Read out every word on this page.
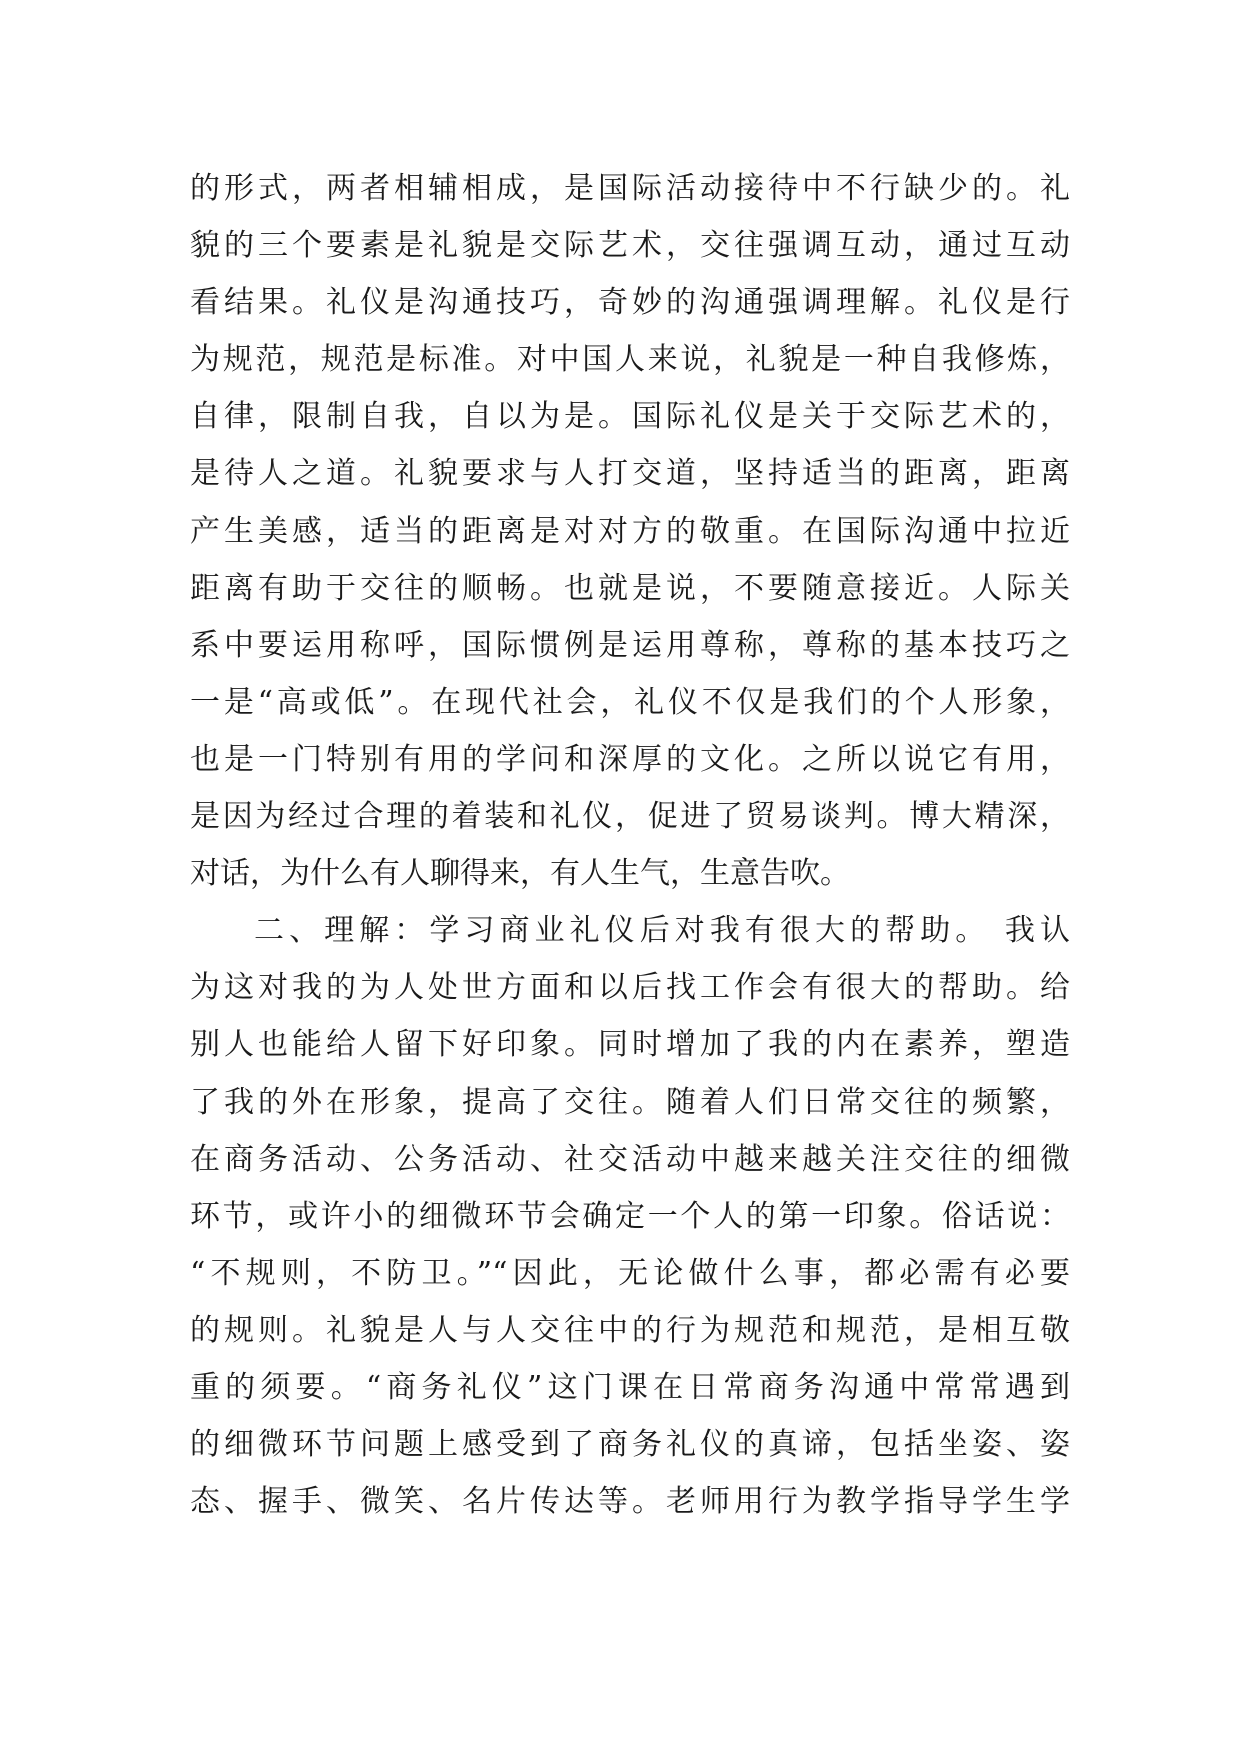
的形式，两者相辅相成，是国际活动接待中不行缺少的。礼
貌的三个要素是礼貌是交际艺术，交往强调互动，通过互动
看结果。礼仪是沟通技巧，奇妙的沟通强调理解。礼仪是行
为规范，规范是标准。对中国人来说，礼貌是一种自我修炼，
自律，限制自我，自以为是。国际礼仪是关于交际艺术的，
是待人之道。礼貌要求与人打交道，坚持适当的距离，距离
产生美感，适当的距离是对对方的敬重。在国际沟通中拉近
距离有助于交往的顺畅。也就是说，不要随意接近。人际关
系中要运用称呼，国际惯例是运用尊称，尊称的基本技巧之
一是“高或低”。在现代社会，礼仪不仅是我们的个人形象，
也是一门特别有用的学问和深厚的文化。之所以说它有用，
是因为经过合理的着装和礼仪，促进了贸易谈判。博大精深，
对话，为什么有人聊得来，有人生气，生意告吹。
二、理解：学习商业礼仪后对我有很大的帮助。 我认
为这对我的为人处世方面和以后找工作会有很大的帮助。给
别人也能给人留下好印象。同时增加了我的内在素养，塑造
了我的外在形象，提高了交往。随着人们日常交往的频繁，
在商务活动、公务活动、社交活动中越来越关注交往的细微
环节，或许小的细微环节会确定一个人的第一印象。俗话说：
“不规则，不防卫。”“因此，无论做什么事，都必需有必要
的规则。礼貌是人与人交往中的行为规范和规范，是相互敬
重的须要。“商务礼仪”这门课在日常商务沟通中常常遇到
的细微环节问题上感受到了商务礼仪的真谛，包括坐姿、姿
态、握手、微笑、名片传达等。老师用行为教学指导学生学
